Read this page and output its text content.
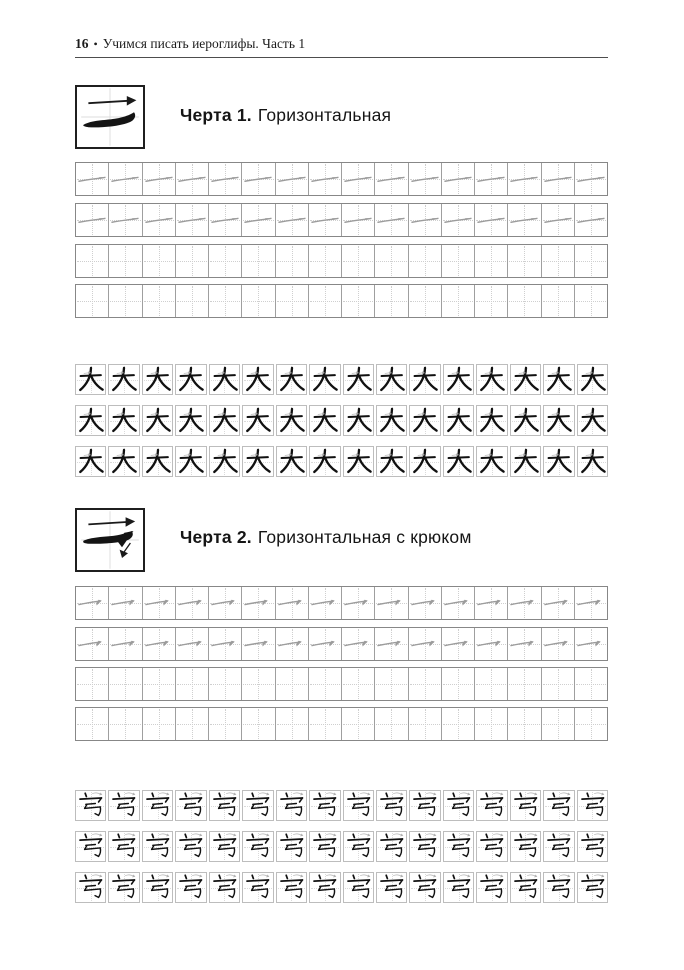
16 • Учимся писать иероглифы. Часть 1
Черта 1. Горизонтальная
Черта 2. Горизонтальная с крюком
